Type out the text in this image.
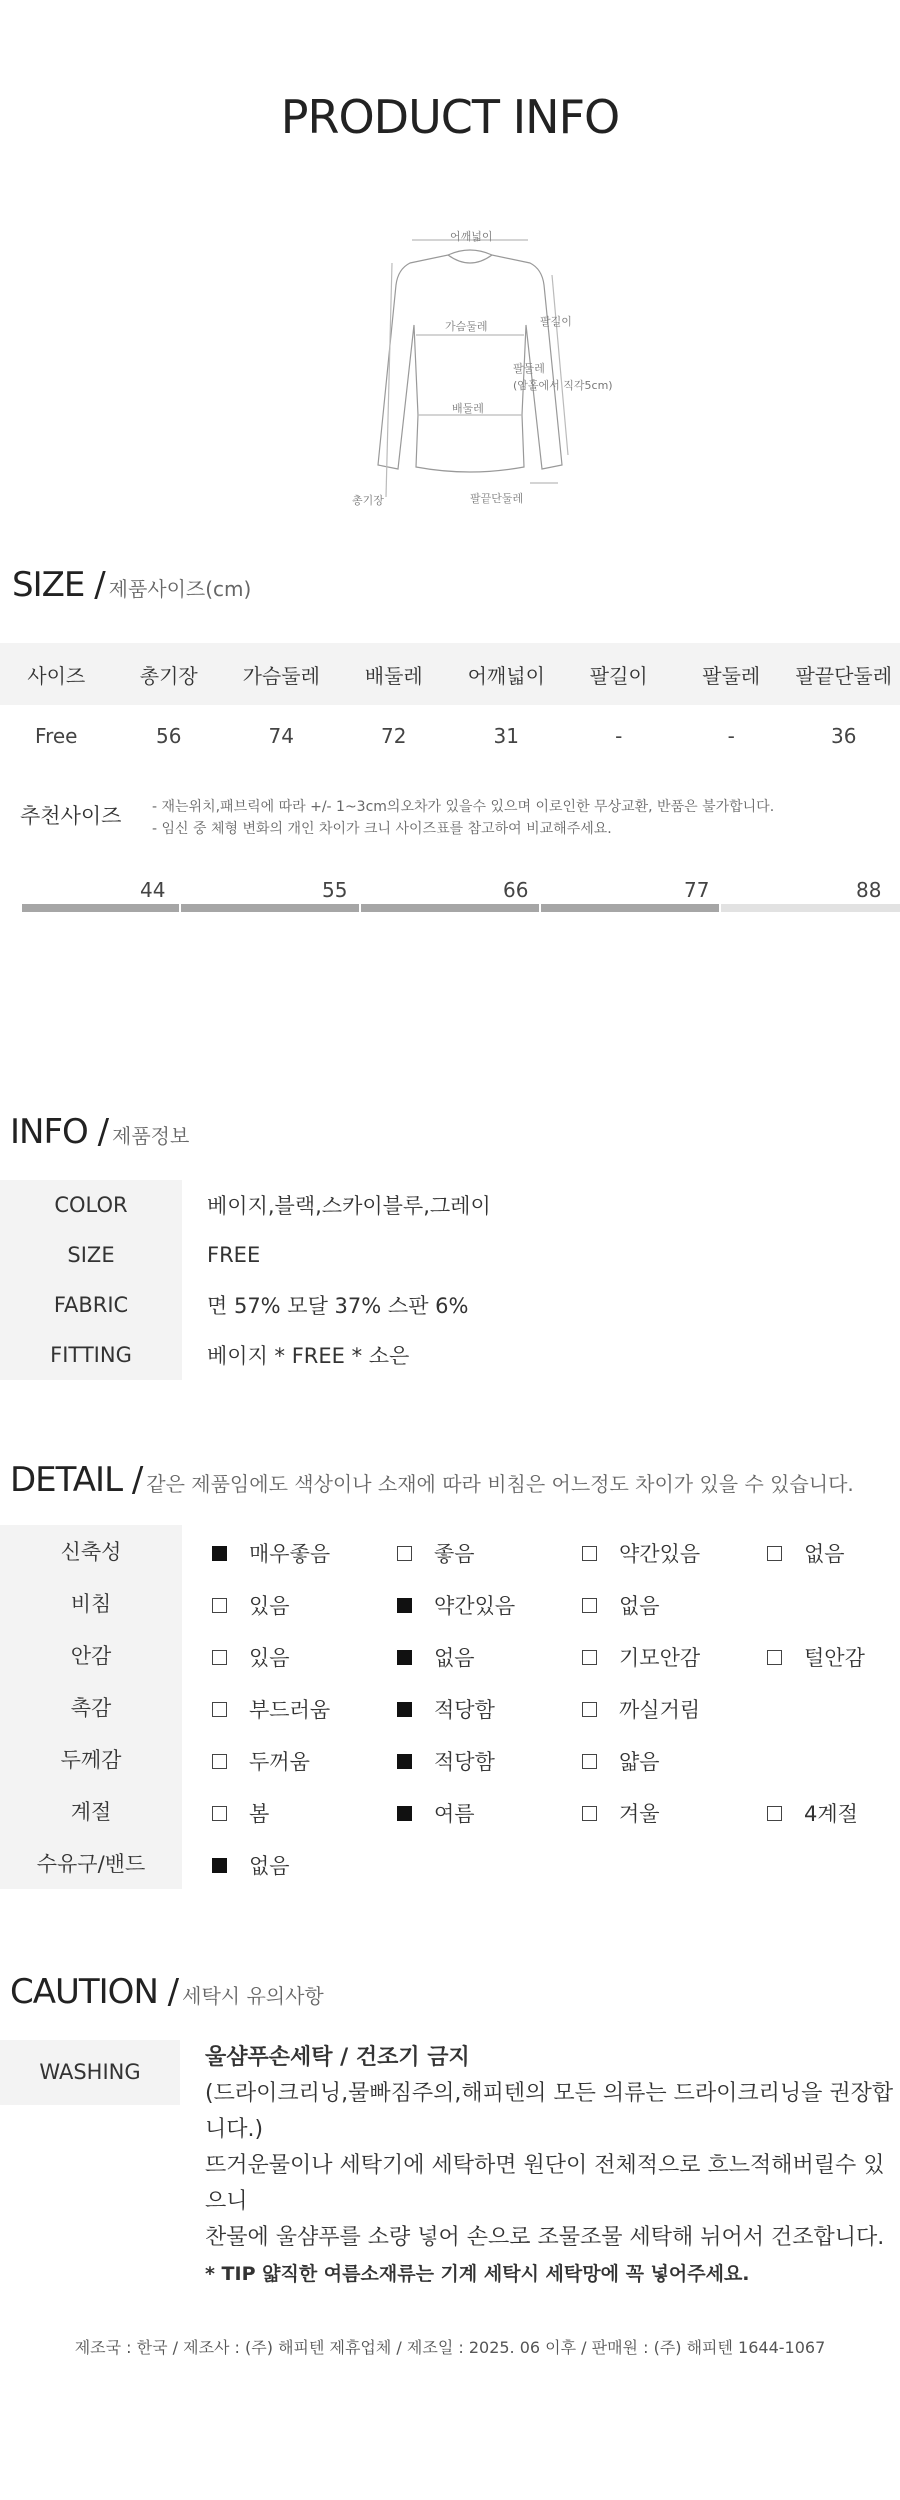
PRODUCT INFO
어깨넓이
팔길이
가슴둘레
팔둘레
(암홀에서 직각5cm)
배둘레
총기장	팔끝단둘레
SIZE / 제품사이즈(cm)
사이즈	총기장	가슴둘레	배둘레	어깨넓이	팔길이	팔둘레	팔끝단둘레
Free	56	74	72	31	-	-	36
추천사이즈 - 재는위치,패브릭에 따라 +/- 1~3cm의오차가 있을수 있으며 이로인한 무상교환, 반품은 불가합니다.
- 임신 중 체형 변화의 개인 차이가 크니 사이즈표를 참고하여 비교해주세요.
44	55	66	77	88
INFO / 제품정보
COLOR	베이지,블랙,스카이블루,그레이
SIZE	FREE
FABRIC	면 57% 모달 37% 스판 6%
FITTING	베이지 * FREE * 소은
DETAIL / 같은 제품임에도 색상이나 소재에 따라 비침은 어느정도 차이가 있을 수 있습니다.
신축성	매우좋음 좋음 약간있음 없음

비침	있음 약간있음 없음

안감	있음 없음 기모안감 털안감

촉감	부드러움 적당함 까실거림

두께감	두꺼움 적당함 얇음

계절	봄 여름 겨울 4계절

수유구/밴드	없음
CAUTION / 세탁시 유의사항
WASHING
울샴푸손세탁 / 건조기 금지
(드라이크리닝,물빠짐주의,해피텐의 모든 의류는 드라이크리닝을 권장합니다.)
뜨거운물이나 세탁기에 세탁하면 원단이 전체적으로 흐느적해버릴수 있으니
찬물에 울샴푸를 소량 넣어 손으로 조물조물 세탁해 뉘어서 건조합니다.
* TIP 얇직한 여름소재류는 기계 세탁시 세탁망에 꼭 넣어주세요.
제조국 : 한국 / 제조사 : (주) 해피텐 제휴업체 / 제조일 : 2025. 06 이후 / 판매원 : (주) 해피텐 1644-1067
